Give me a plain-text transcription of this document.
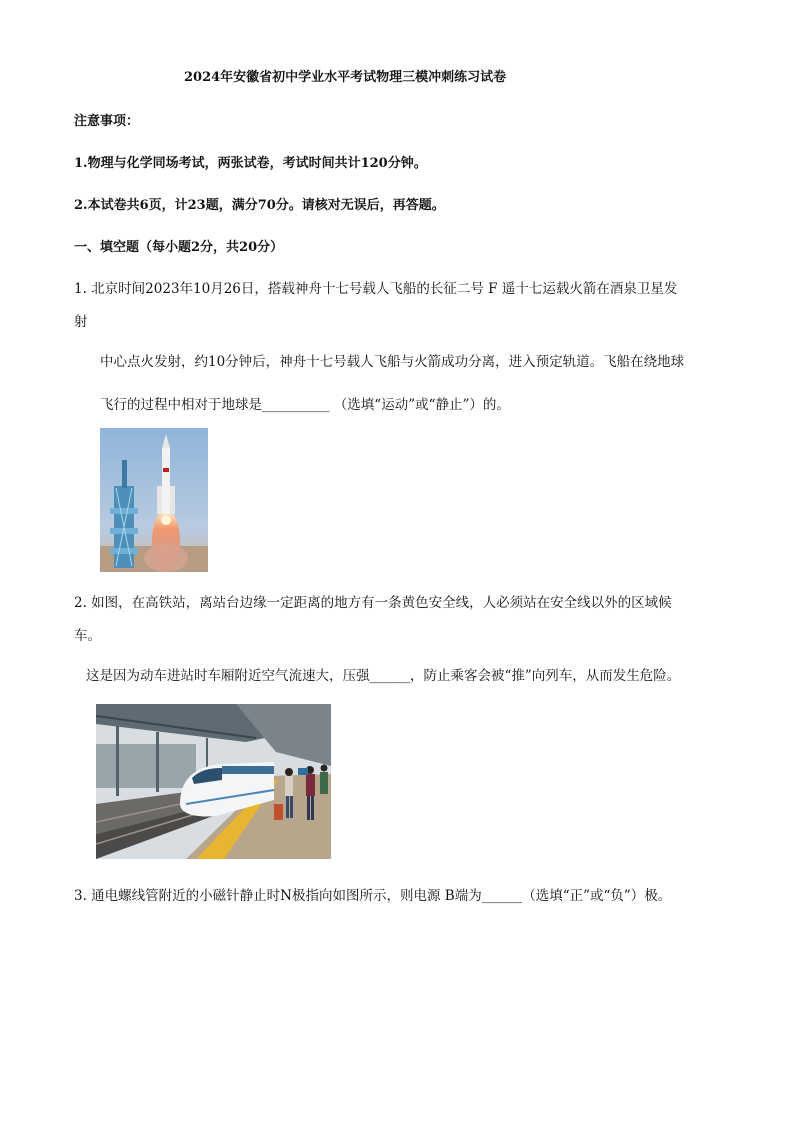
2024年安徽省初中学业水平考试物理三模冲刺练习试卷
注意事项：
1.物理与化学同场考试，两张试卷，考试时间共计120分钟。
2.本试卷共6页，计23题，满分70分。请核对无误后，再答题。
一、填空题（每小题2分，共20分）
1. 北京时间2023年10月26日，搭载神舟十七号载人飞船的长征二号 F 遥十七运载火箭在酒泉卫星发
射
中心点火发射，约10分钟后，神舟十七号载人飞船与火箭成功分离，进入预定轨道。飞船在绕地球
飞行的过程中相对于地球是__________ （选填“运动”或“静止”）的。
2. 如图，在高铁站，离站台边缘一定距离的地方有一条黄色安全线，人必须站在安全线以外的区域候
车。
这是因为动车进站时车厢附近空气流速大，压强______，防止乘客会被“推”向列车，从而发生危险。
3. 通电螺线管附近的小磁针静止时N极指向如图所示，则电源 B端为______（选填“正”或“负”）极。
